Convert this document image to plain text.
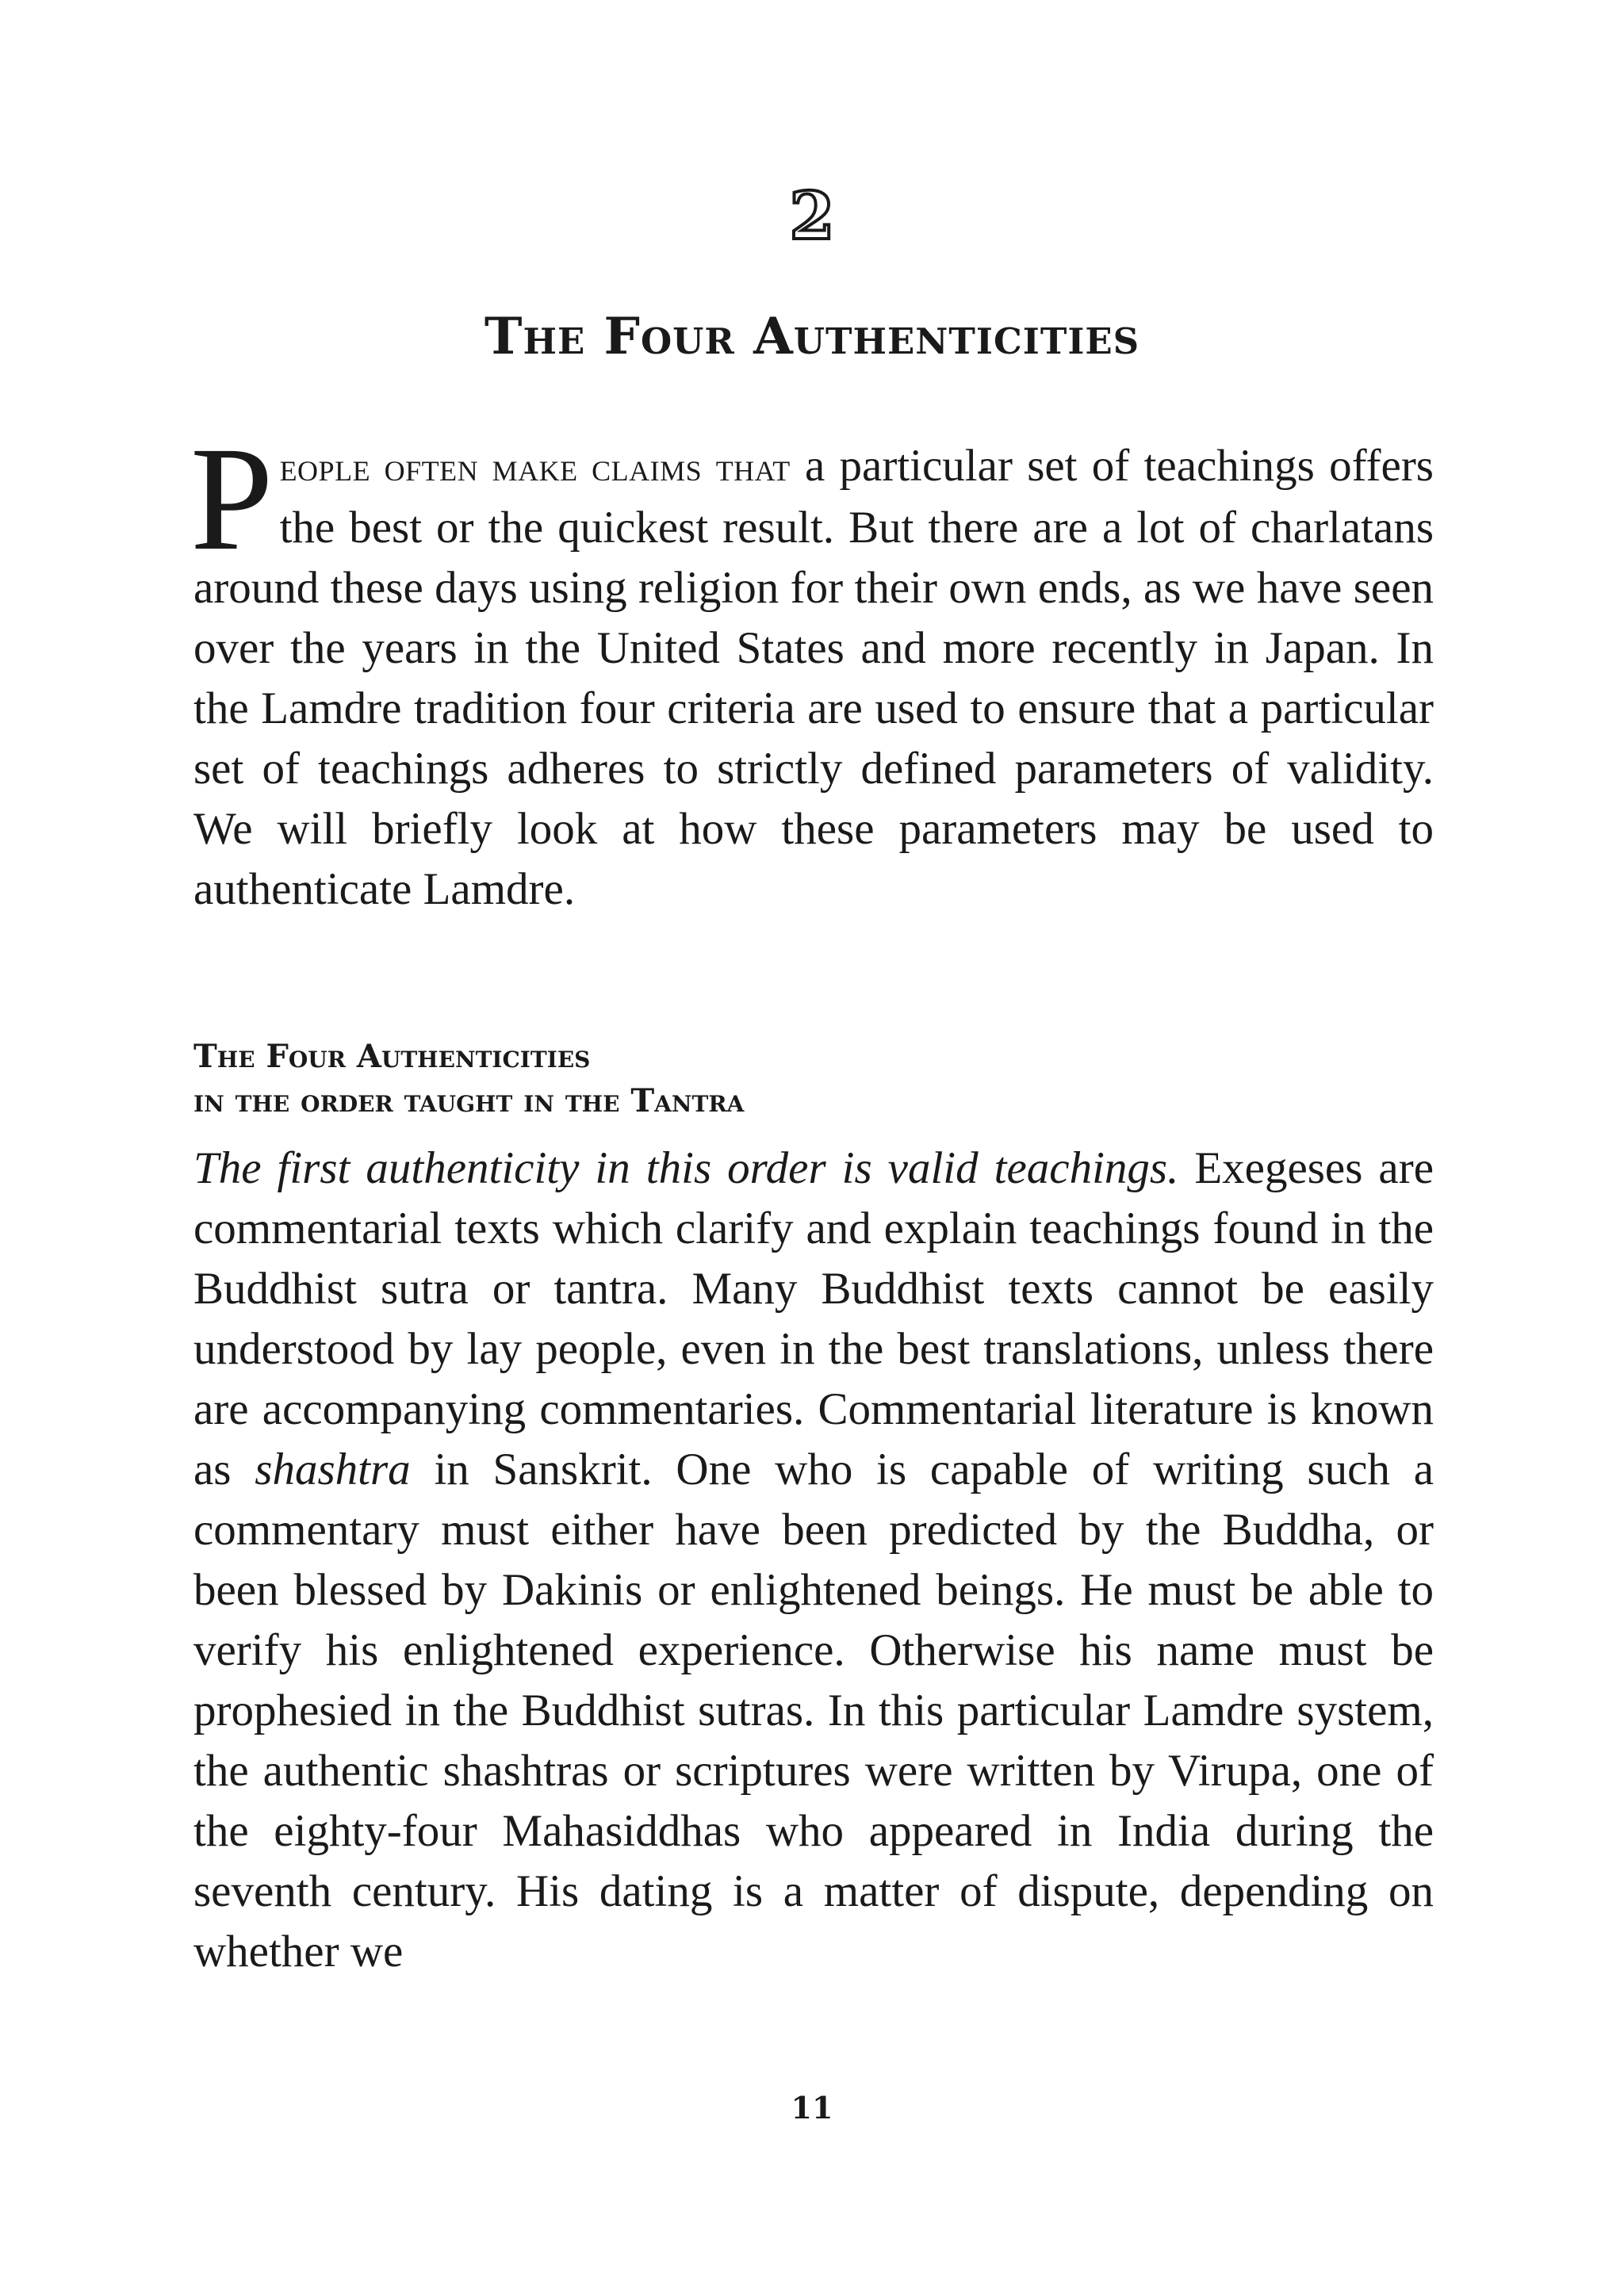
2
The Four Authenticities
People often make claims that a particular set of teachings offers the best or the quickest result. But there are a lot of charlatans around these days using religion for their own ends, as we have seen over the years in the United States and more recently in Japan. In the Lamdre tradition four criteria are used to ensure that a particular set of teachings adheres to strictly defined parameters of validity. We will briefly look at how these parameters may be used to authenticate Lamdre.
The Four Authenticities
in the order taught in the Tantra
The first authenticity in this order is valid teachings. Exegeses are commentarial texts which clarify and explain teachings found in the Buddhist sutra or tantra. Many Buddhist texts cannot be easily understood by lay people, even in the best translations, unless there are accompanying commentaries. Commentarial literature is known as shashtra in Sanskrit. One who is capable of writing such a commentary must either have been predicted by the Buddha, or been blessed by Dakinis or enlightened beings. He must be able to verify his enlightened experience. Otherwise his name must be prophesied in the Buddhist sutras. In this particular Lamdre system, the authentic shashtras or scriptures were written by Virupa, one of the eighty-four Mahasiddhas who appeared in India during the seventh century. His dating is a matter of dispute, depending on whether we
11
